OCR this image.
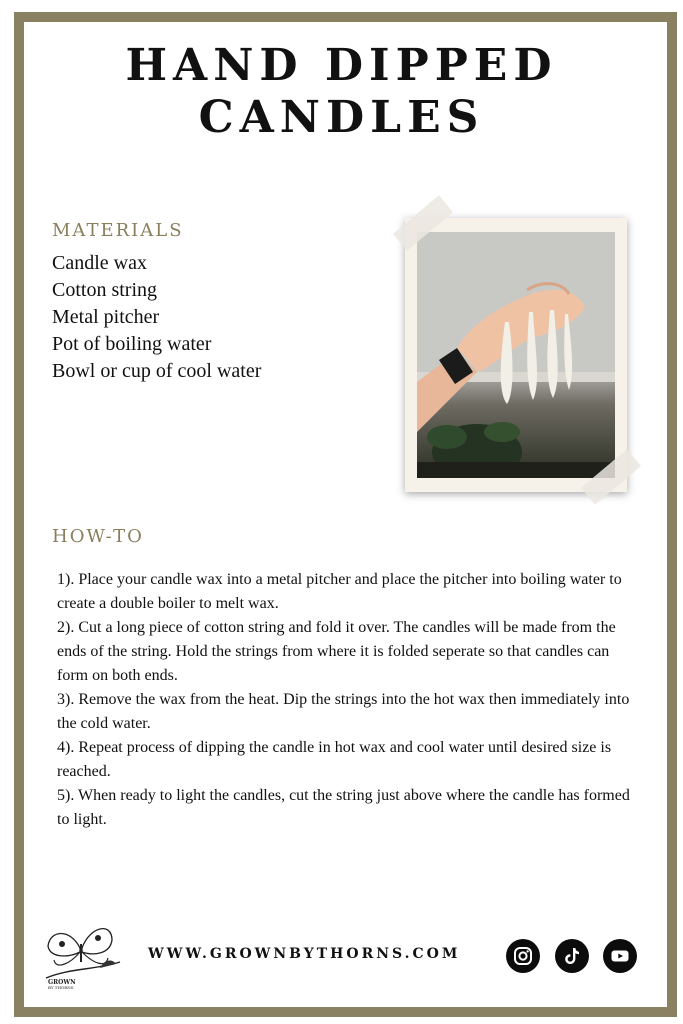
HAND DIPPED
CANDLES
MATERIALS
Candle wax
Cotton string
Metal pitcher
Pot of boiling water
Bowl or cup of cool water
HOW-TO
1). Place your candle wax into a metal pitcher and place the pitcher into boiling water to create a double boiler to melt wax.
2). Cut a long piece of cotton string and fold it over. The candles will be made from the ends of the string. Hold the strings from where it is folded seperate so that candles can form on both ends.
3). Remove the wax from the heat. Dip the strings into the hot wax then immediately into the cold water.
4). Repeat process of dipping the candle in hot wax and cool water until desired size is reached.
5). When ready to light the candles, cut the string just above where the candle has formed to light.
GROWN
BY THORNS

WWW.GROWNBYTHORNS.COM
